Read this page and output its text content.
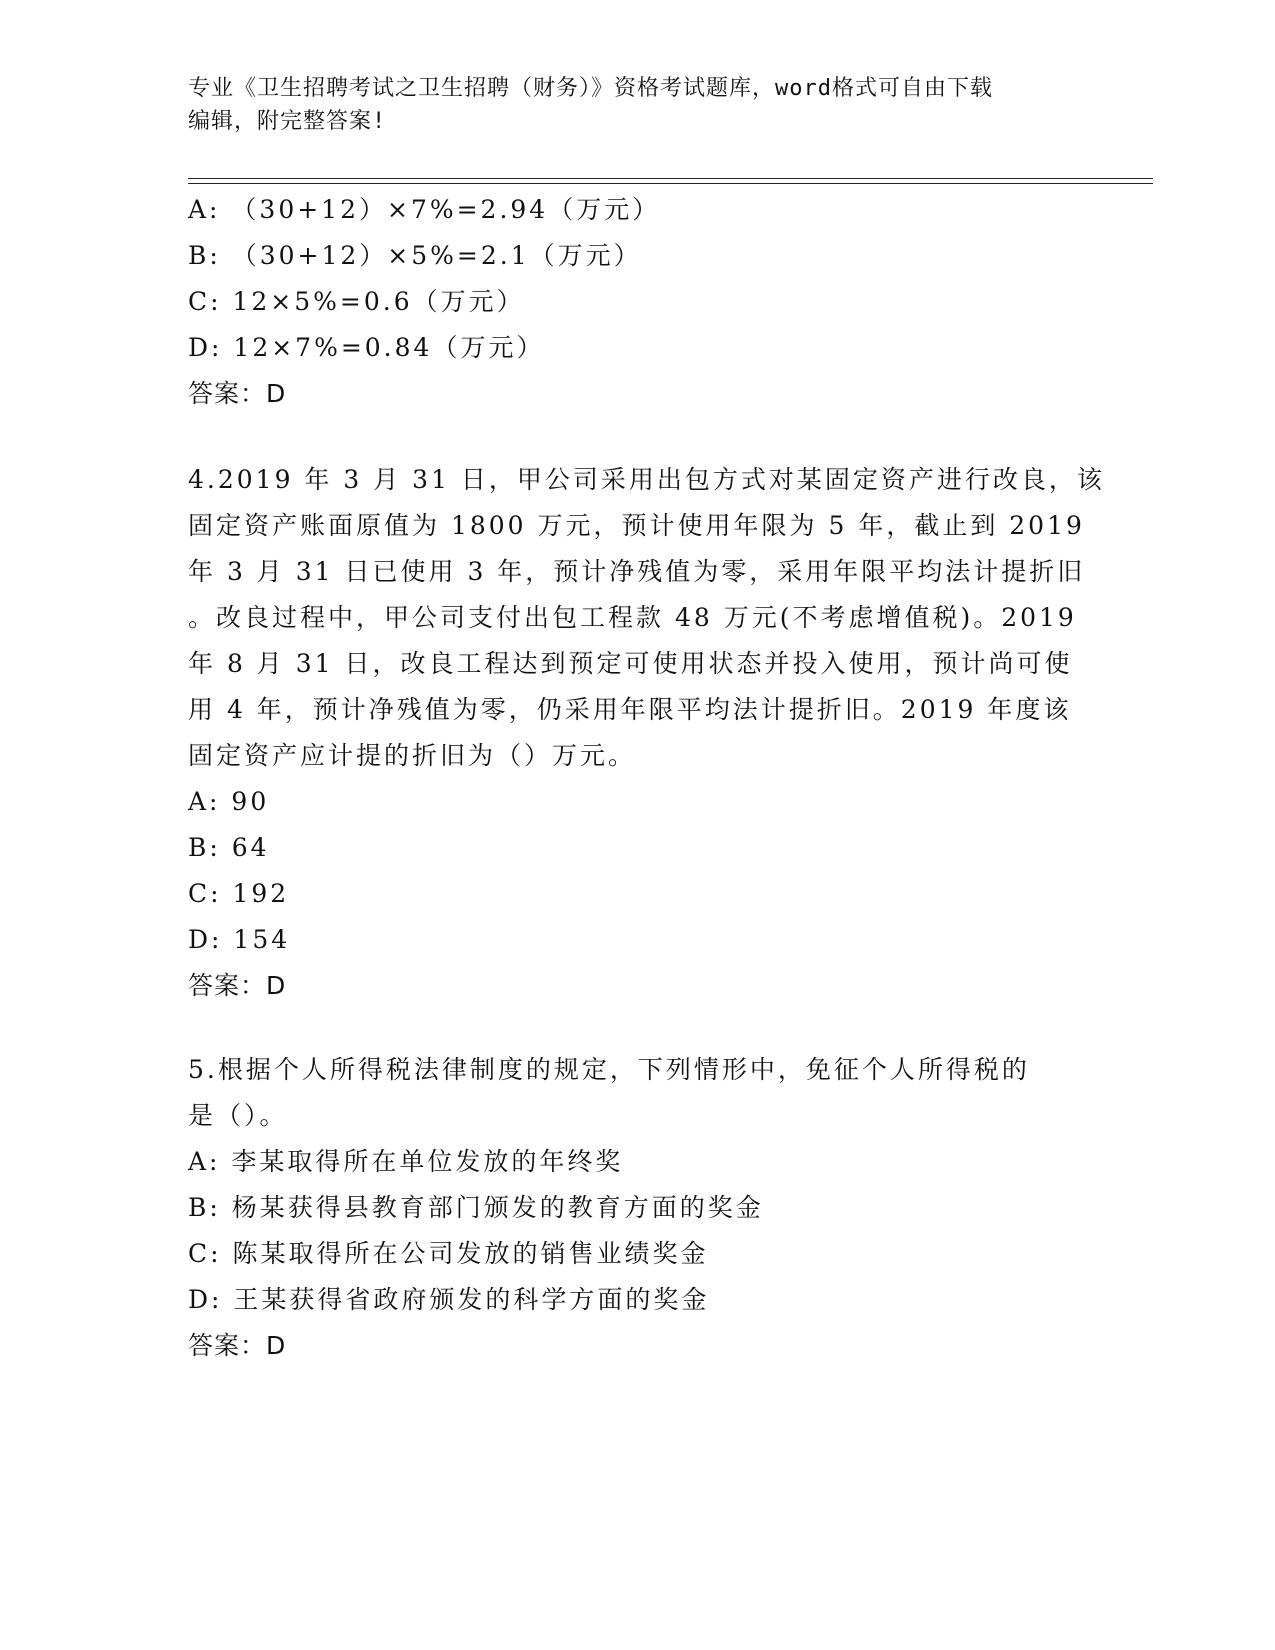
专业《卫生招聘考试之卫生招聘（财务）》资格考试题库，word格式可自由下载
编辑，附完整答案!
A: （30+12）×7%=2.94（万元）
B: （30+12）×5%=2.1（万元）
C: 12×5%=0.6（万元）
D: 12×7%=0.84（万元）
答案：D
4.2019 年 3 月 31 日，甲公司采用出包方式对某固定资产进行改良，该
固定资产账面原值为 1800 万元，预计使用年限为 5 年，截止到 2019
年 3 月 31 日已使用 3 年，预计净残值为零，采用年限平均法计提折旧
。改良过程中，甲公司支付出包工程款 48 万元(不考虑增值税)。2019
年 8 月 31 日，改良工程达到预定可使用状态并投入使用，预计尚可使
用 4 年，预计净残值为零，仍采用年限平均法计提折旧。2019 年度该
固定资产应计提的折旧为（）万元。
A: 90
B: 64
C: 192
D: 154
答案：D
5.根据个人所得税法律制度的规定，下列情形中，免征个人所得税的
是（）。
A: 李某取得所在单位发放的年终奖
B: 杨某获得县教育部门颁发的教育方面的奖金
C: 陈某取得所在公司发放的销售业绩奖金
D: 王某获得省政府颁发的科学方面的奖金
答案：D
